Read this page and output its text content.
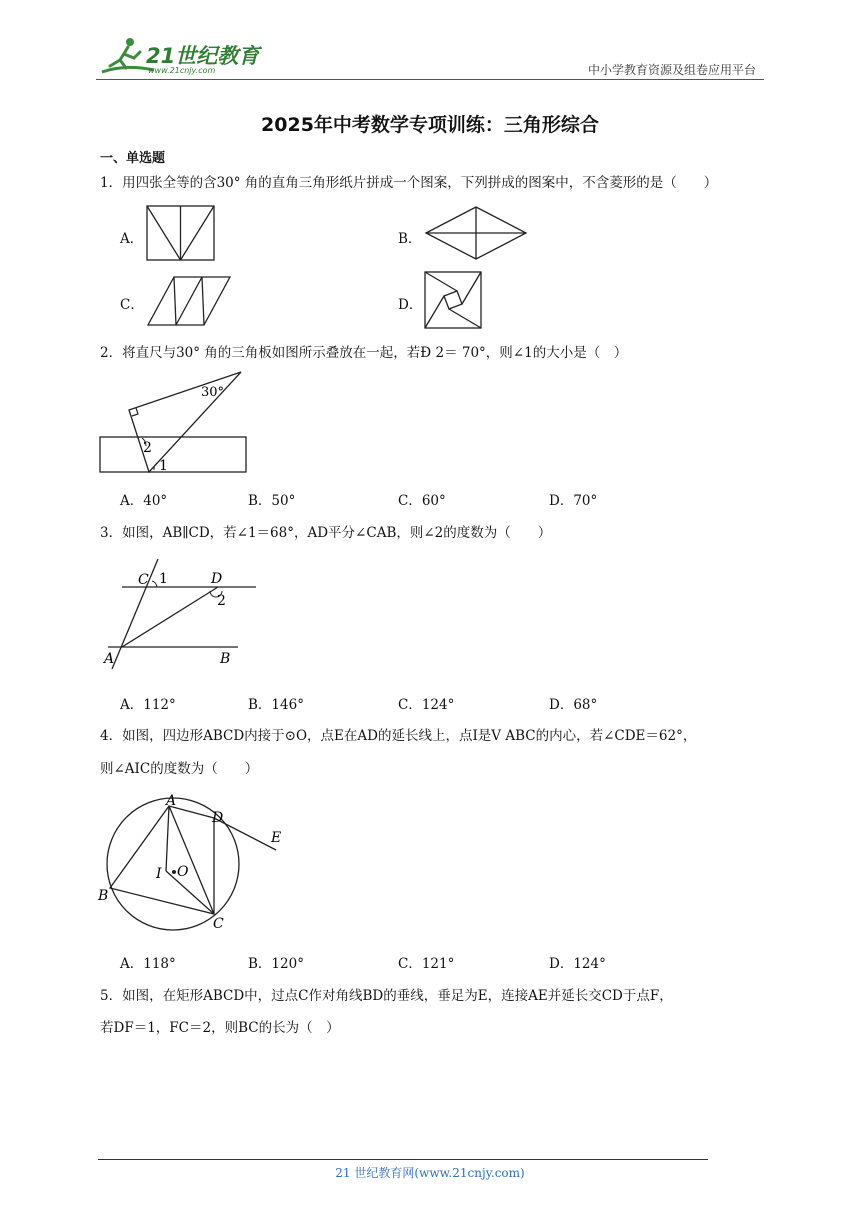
21世纪教育
www.21cnjy.com	中小学教育资源及组卷应用平台
2025年中考数学专项训练：三角形综合
一、单选题
1．用四张全等的含30° 角的直角三角形纸片拼成一个图案，下列拼成的图案中，不含菱形的是（　　）
A．	B．
C．	D．
2．将直尺与30° 角的三角板如图所示叠放在一起，若Ð 2＝ 70°，则∠1的大小是（　）
30°
2
1
A．40°	B．50°	C．60°	D．70°
3．如图，AB∥CD，若∠1＝68°，AD平分∠CAB，则∠2的度数为（　　）
C 1	D
2
A	B
A．112°	B．146°	C．124°	D．68°
4．如图，四边形ABCD内接于⊙O，点E在AD的延长线上，点I是V ABC的内心，若∠CDE＝62°，
则∠AIC的度数为（　　）
A
D
E
I O
B
C
A．118°	B．120°	C．121°	D．124°
5．如图，在矩形ABCD中，过点C作对角线BD的垂线，垂足为E，连接AE并延长交CD于点F，
若DF＝1，FC＝2，则BC的长为（　）
21 世纪教育网(www.21cnjy.com)
